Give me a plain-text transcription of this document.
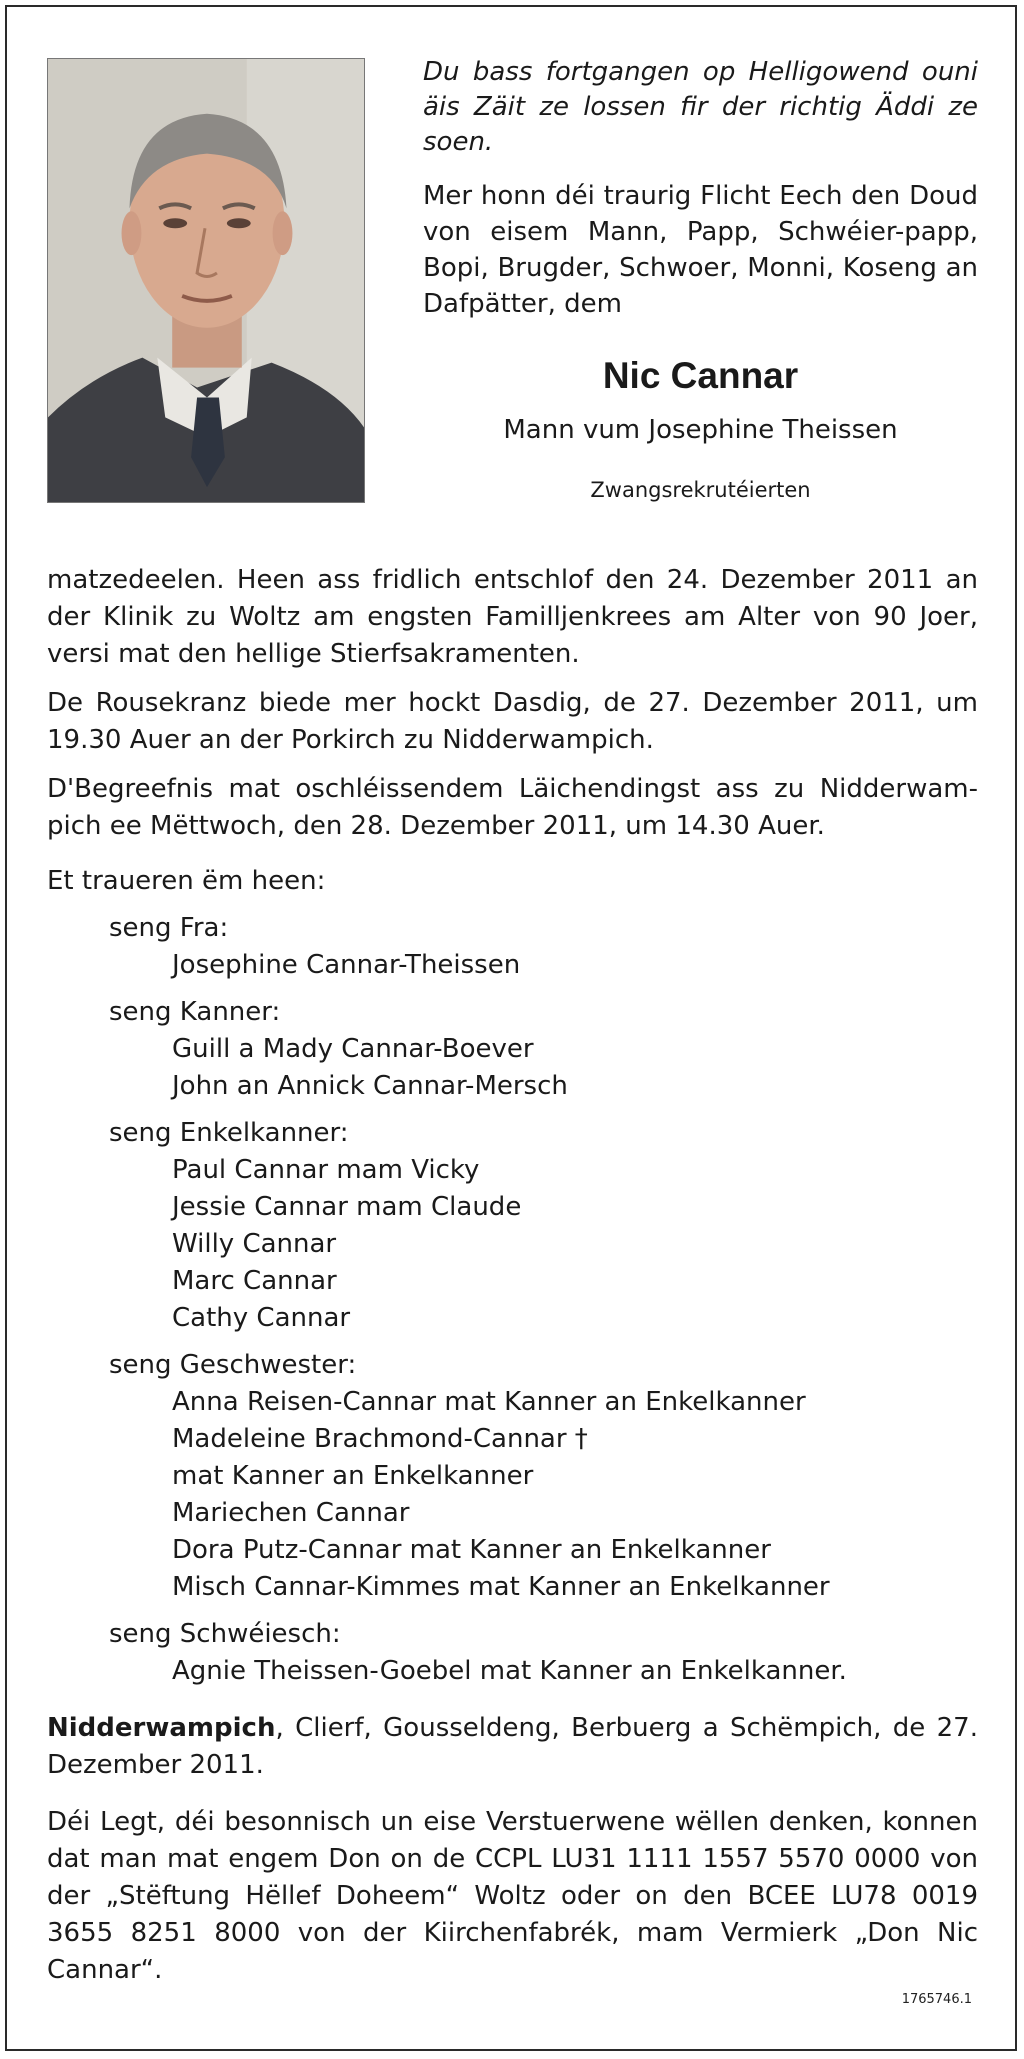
Du bass fortgangen op Helligowend ouni äis Zäit ze lossen fir der richtig Äddi ze soen.

Mer honn déi traurig Flicht Eech den Doud von eisem Mann, Papp, Schwéier-papp, Bopi, Brugder, Schwoer, Monni, Koseng an Dafpätter, dem

Nic Cannar
Mann vum Josephine Theissen
Zwangsrekrutéierten

matzedeelen. Heen ass fridlich entschlof den 24. Dezember 2011 an der Klinik zu Woltz am engsten Familljenkrees am Alter von 90 Joer, versi mat den hellige Stierfsakramenten.

De Rousekranz biede mer hockt Dasdig, de 27. Dezember 2011, um 19.30 Auer an der Porkirch zu Nidderwampich.

D'Begreefnis mat oschléissendem Läichendingst ass zu Nidderwam-pich ee Mëttwoch, den 28. Dezember 2011, um 14.30 Auer.

Et traueren ëm heen:
seng Fra:
Josephine Cannar-Theissen
seng Kanner:
Guill a Mady Cannar-Boever
John an Annick Cannar-Mersch
seng Enkelkanner:
Paul Cannar mam Vicky
Jessie Cannar mam Claude
Willy Cannar
Marc Cannar
Cathy Cannar
seng Geschwester:
Anna Reisen-Cannar mat Kanner an Enkelkanner
Madeleine Brachmond-Cannar †
mat Kanner an Enkelkanner
Mariechen Cannar
Dora Putz-Cannar mat Kanner an Enkelkanner
Misch Cannar-Kimmes mat Kanner an Enkelkanner
seng Schwéiesch:
Agnie Theissen-Goebel mat Kanner an Enkelkanner.

Nidderwampich, Clierf, Gousseldeng, Berbuerg a Schëmpich, de 27. Dezember 2011.

Déi Legt, déi besonnisch un eise Verstuerwene wëllen denken, konnen dat man mat engem Don on de CCPL LU31 1111 1557 5570 0000 von der „Stëftung Hëllef Doheem“ Woltz oder on den BCEE LU78 0019 3655 8251 8000 von der Kiirchenfabrék, mam Vermierk „Don Nic Cannar“.

1765746.1
